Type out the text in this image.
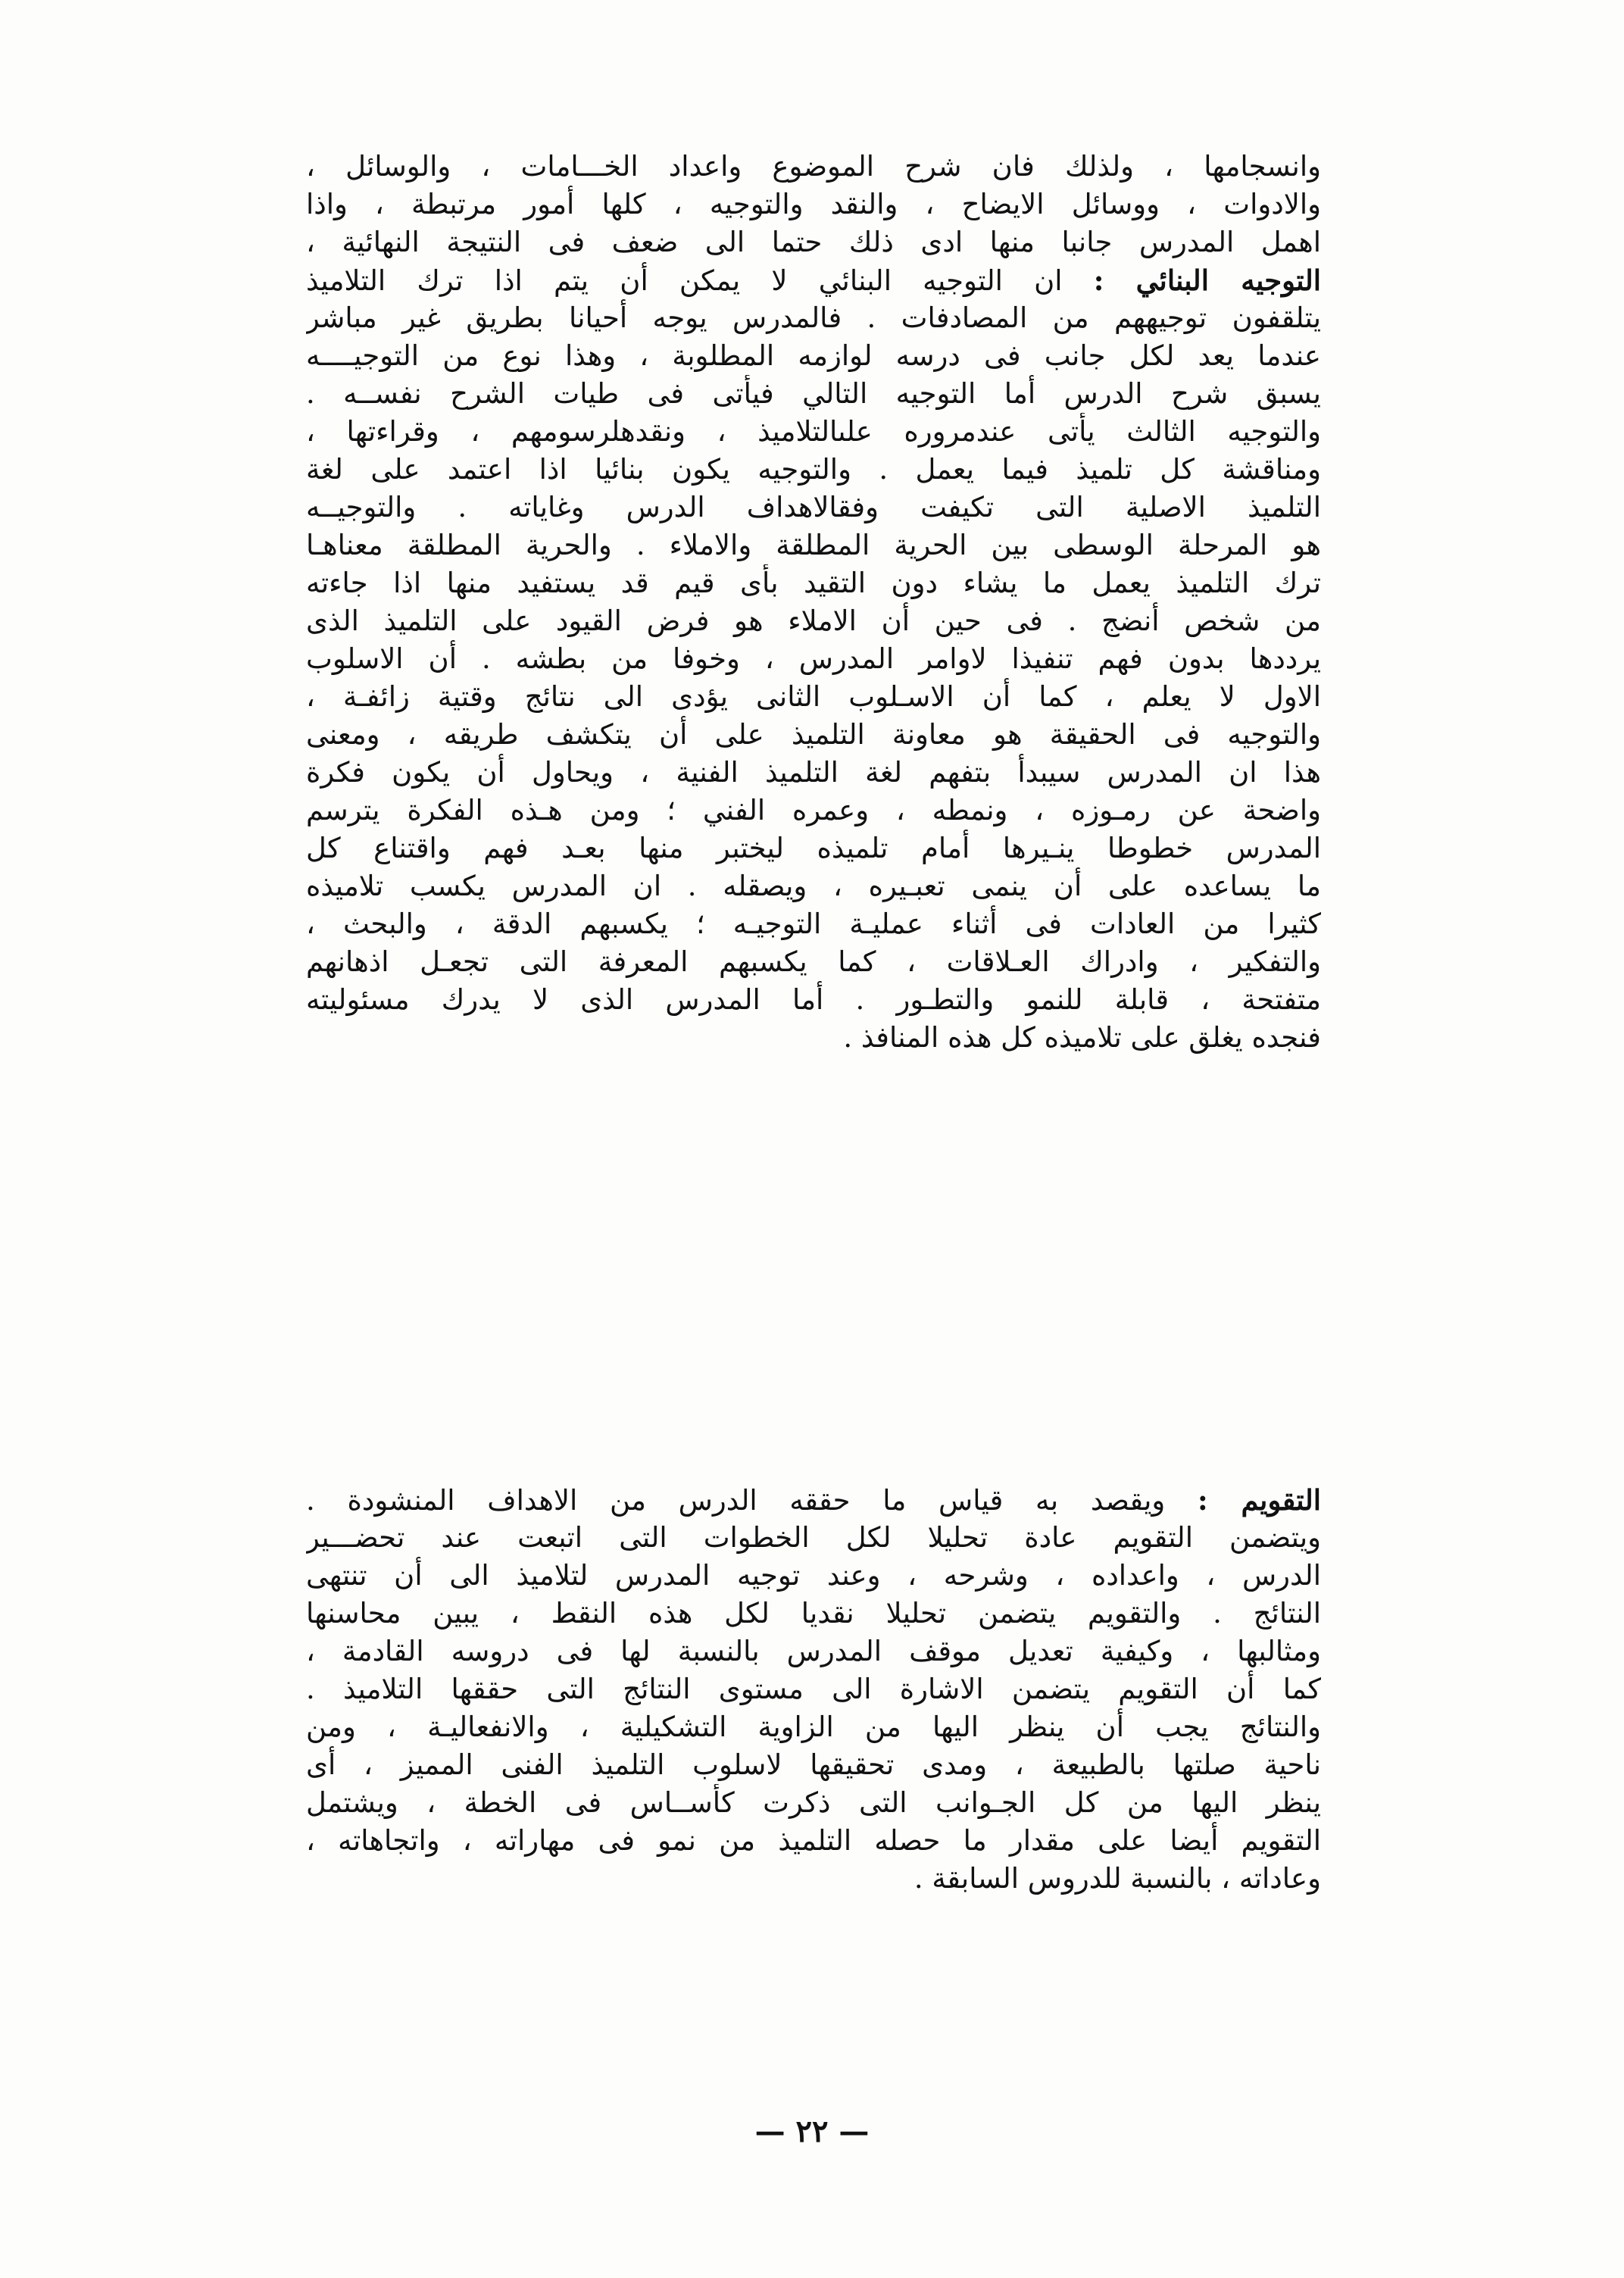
وانسجامها ، ولذلك فان شرح الموضوع واعداد الخـــامات ، والوسائل ،
والادوات ، ووسائل الايضاح ، والنقد والتوجيه ، كلها أمور مرتبطة ، واذا
اهمل المدرس جانبا منها ادى ذلك حتما الى ضعف فى النتيجة النهائية ،
التوجيه البنائي : ان التوجيه البنائي لا يمكن أن يتم اذا ترك التلاميذ
يتلقفون توجيههم من المصادفات . فالمدرس يوجه أحيانا بطريق غير مباشر
عندما يعد لكل جانب فى درسه لوازمه المطلوبة ، وهذا نوع من التوجيــــه
يسبق شرح الدرس أما التوجيه التالي فيأتى فى طيات الشرح نفســه .
والتوجيه الثالث يأتى عندمروره علىالتلاميذ ، ونقدهلرسومهم ، وقراءتها ،
ومناقشة كل تلميذ فيما يعمل . والتوجيه يكون بنائيا اذا اعتمد على لغة
التلميذ الاصلية التى تكيفت وفقالاهداف الدرس وغاياته . والتوجيــه
هو المرحلة الوسطى بين الحرية المطلقة والاملاء . والحرية المطلقة معناهـا
ترك التلميذ يعمل ما يشاء دون التقيد بأى قيم قد يستفيد منها اذا جاءته
من شخص أنضج . فى حين أن الاملاء هو فرض القيود على التلميذ الذى
يرددها بدون فهم تنفيذا لاوامر المدرس ، وخوفا من بطشه . أن الاسلوب
الاول لا يعلم ، كما أن الاسـلوب الثانى يؤدى الى نتائج وقتية زائفـة ،
والتوجيه فى الحقيقة هو معاونة التلميذ على أن يتكشف طريقه ، ومعنى
هذا ان المدرس سيبدأ بتفهم لغة التلميذ الفنية ، ويحاول أن يكون فكرة
واضحة عن رمـوزه ، ونمطه ، وعمره الفني ؛ ومن هـذه الفكرة يترسم
المدرس خطوطا ينـيرها أمام تلميذه ليختبر منها بعـد فهم واقتناع كل
ما يساعده على أن ينمى تعبـيره ، ويصقله . ان المدرس يكسب تلاميذه
كثيرا من العادات فى أثناء عمليـة التوجيـه ؛ يكسبهم الدقة ، والبحث ،
والتفكير ، وادراك العـلاقات ، كما يكسبهم المعرفة التى تجعـل اذهانهم
متفتحة ، قابلة للنمو والتطـور . أما المدرس الذى لا يدرك مسئوليته
فنجده يغلق على تلاميذه كل هذه المنافذ .
التقويم : ويقصد به قياس ما حققه الدرس من الاهداف المنشودة .
ويتضمن التقويم عادة تحليلا لكل الخطوات التى اتبعت عند تحضـــير
الدرس ، واعداده ، وشرحه ، وعند توجيه المدرس لتلاميذ الى أن تنتهى
النتائج . والتقويم يتضمن تحليلا نقديا لكل هذه النقط ، يبين محاسنها
ومثالبها ، وكيفية تعديل موقف المدرس بالنسبة لها فى دروسه القادمة ،
كما أن التقويم يتضمن الاشارة الى مستوى النتائج التى حققها التلاميذ .
والنتائج يجب أن ينظر اليها من الزاوية التشكيلية ، والانفعاليـة ، ومن
ناحية صلتها بالطبيعة ، ومدى تحقيقها لاسلوب التلميذ الفنى المميز ، أى
ينظر اليها من كل الجـوانب التى ذكرت كأســاس فى الخطة ، ويشتمل
التقويم أيضا على مقدار ما حصله التلميذ من نمو فى مهاراته ، واتجاهاته ،
وعاداته ، بالنسبة للدروس السابقة .
— ٢٢ —
